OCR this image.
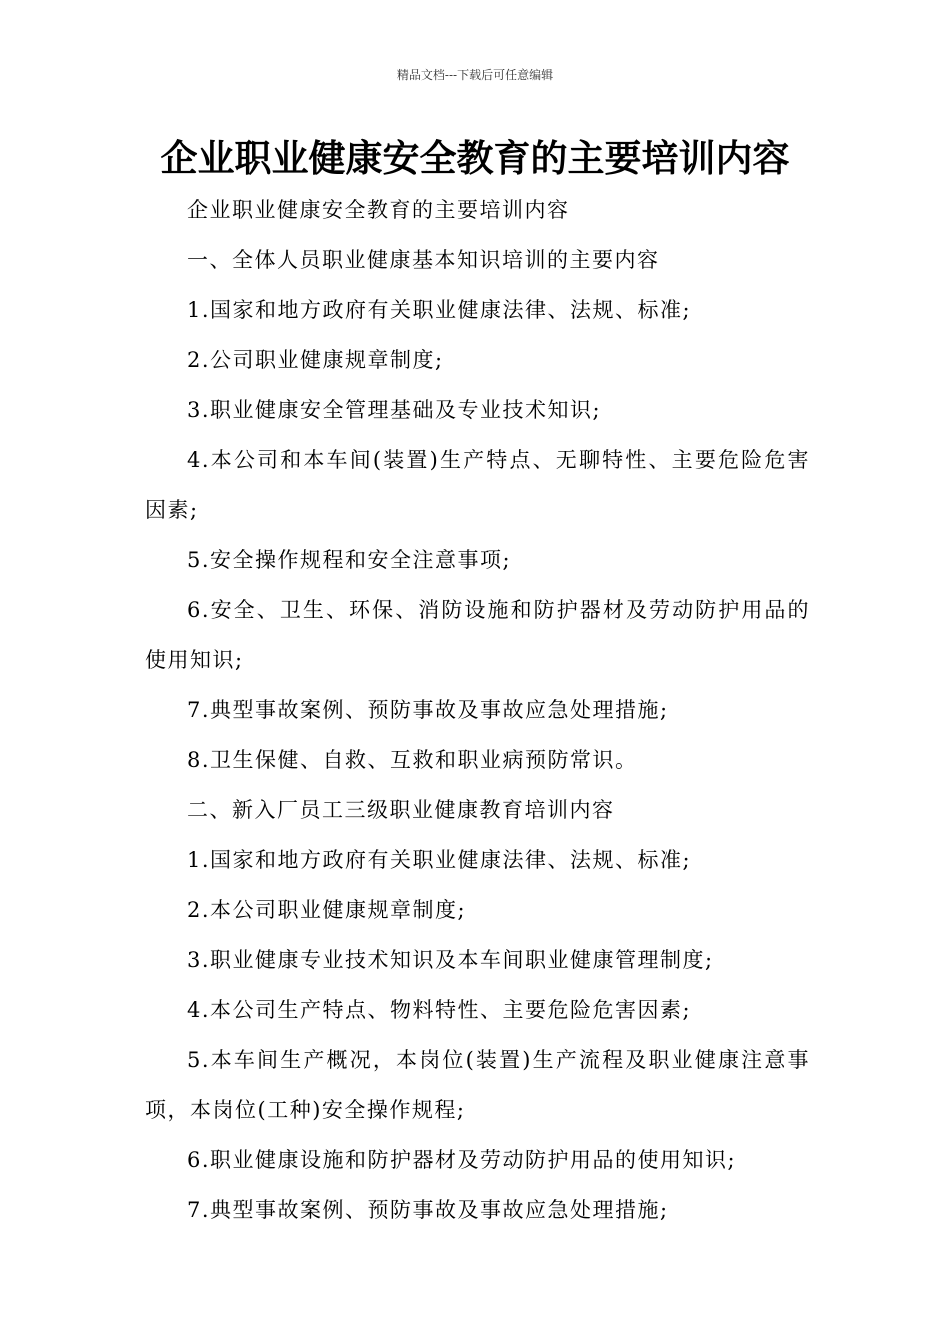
精品文档---下载后可任意编辑
企业职业健康安全教育的主要培训内容

企业职业健康安全教育的主要培训内容

一、全体人员职业健康基本知识培训的主要内容

1.国家和地方政府有关职业健康法律、法规、标准;

2.公司职业健康规章制度;

3.职业健康安全管理基础及专业技术知识;

4.本公司和本车间(装置)生产特点、无聊特性、主要危险危害因素;

5.安全操作规程和安全注意事项;

6.安全、卫生、环保、消防设施和防护器材及劳动防护用品的使用知识;

7.典型事故案例、预防事故及事故应急处理措施;

8.卫生保健、自救、互救和职业病预防常识。

二、新入厂员工三级职业健康教育培训内容

1.国家和地方政府有关职业健康法律、法规、标准;

2.本公司职业健康规章制度;

3.职业健康专业技术知识及本车间职业健康管理制度;

4.本公司生产特点、物料特性、主要危险危害因素;

5.本车间生产概况，本岗位(装置)生产流程及职业健康注意事项，本岗位(工种)安全操作规程;

6.职业健康设施和防护器材及劳动防护用品的使用知识;

7.典型事故案例、预防事故及事故应急处理措施;
